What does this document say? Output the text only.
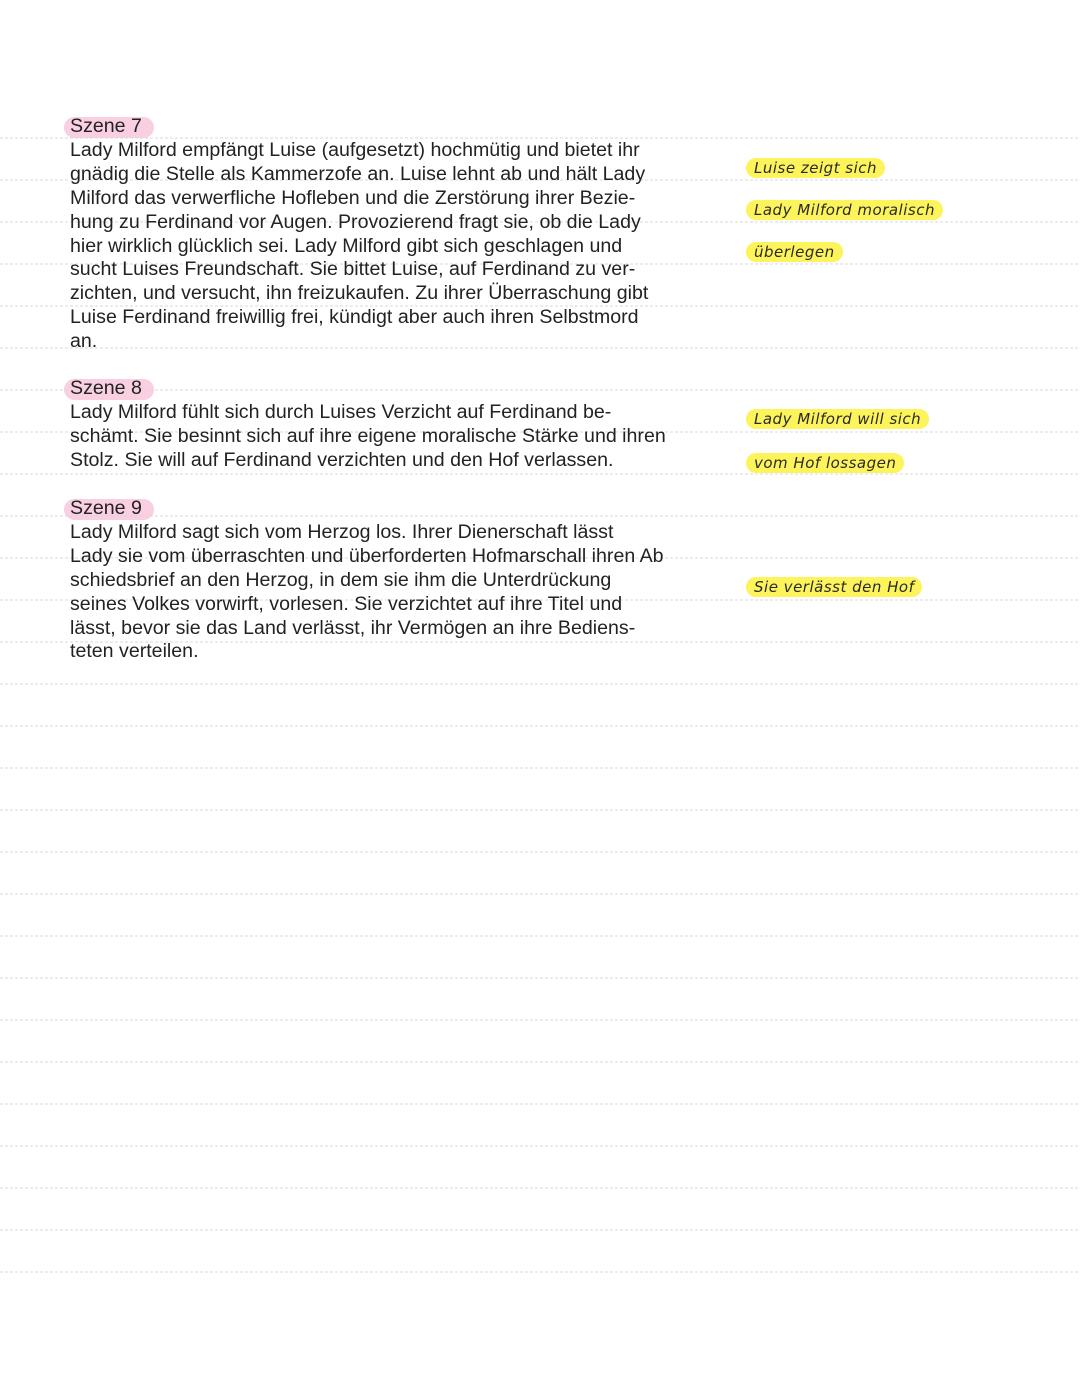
Szene 7
Lady Milford empfängt Luise (aufgesetzt) hochmütig und bietet ihr
gnädig die Stelle als Kammerzofe an. Luise lehnt ab und hält Lady
Milford das verwerfliche Hofleben und die Zerstörung ihrer Bezie-
hung zu Ferdinand vor Augen. Provozierend fragt sie, ob die Lady
hier wirklich glücklich sei. Lady Milford gibt sich geschlagen und
sucht Luises Freundschaft. Sie bittet Luise, auf Ferdinand zu ver-
zichten, und versucht, ihn freizukaufen. Zu ihrer Überraschung gibt
Luise Ferdinand freiwillig frei, kündigt aber auch ihren Selbstmord
an.
Szene 8
Lady Milford fühlt sich durch Luises Verzicht auf Ferdinand be-
schämt. Sie besinnt sich auf ihre eigene moralische Stärke und ihren
Stolz. Sie will auf Ferdinand verzichten und den Hof verlassen.
Szene 9
Lady Milford sagt sich vom Herzog los. Ihrer Dienerschaft lässt
Lady sie vom überraschten und überforderten Hofmarschall ihren Ab
schiedsbrief an den Herzog, in dem sie ihm die Unterdrückung
seines Volkes vorwirft, vorlesen. Sie verzichtet auf ihre Titel und
lässt, bevor sie das Land verlässt, ihr Vermögen an ihre Bediens-
teten verteilen.
Luise zeigt sich
Lady Milford moralisch
überlegen
Lady Milford will sich
vom Hof lossagen
Sie verlässt den Hof
